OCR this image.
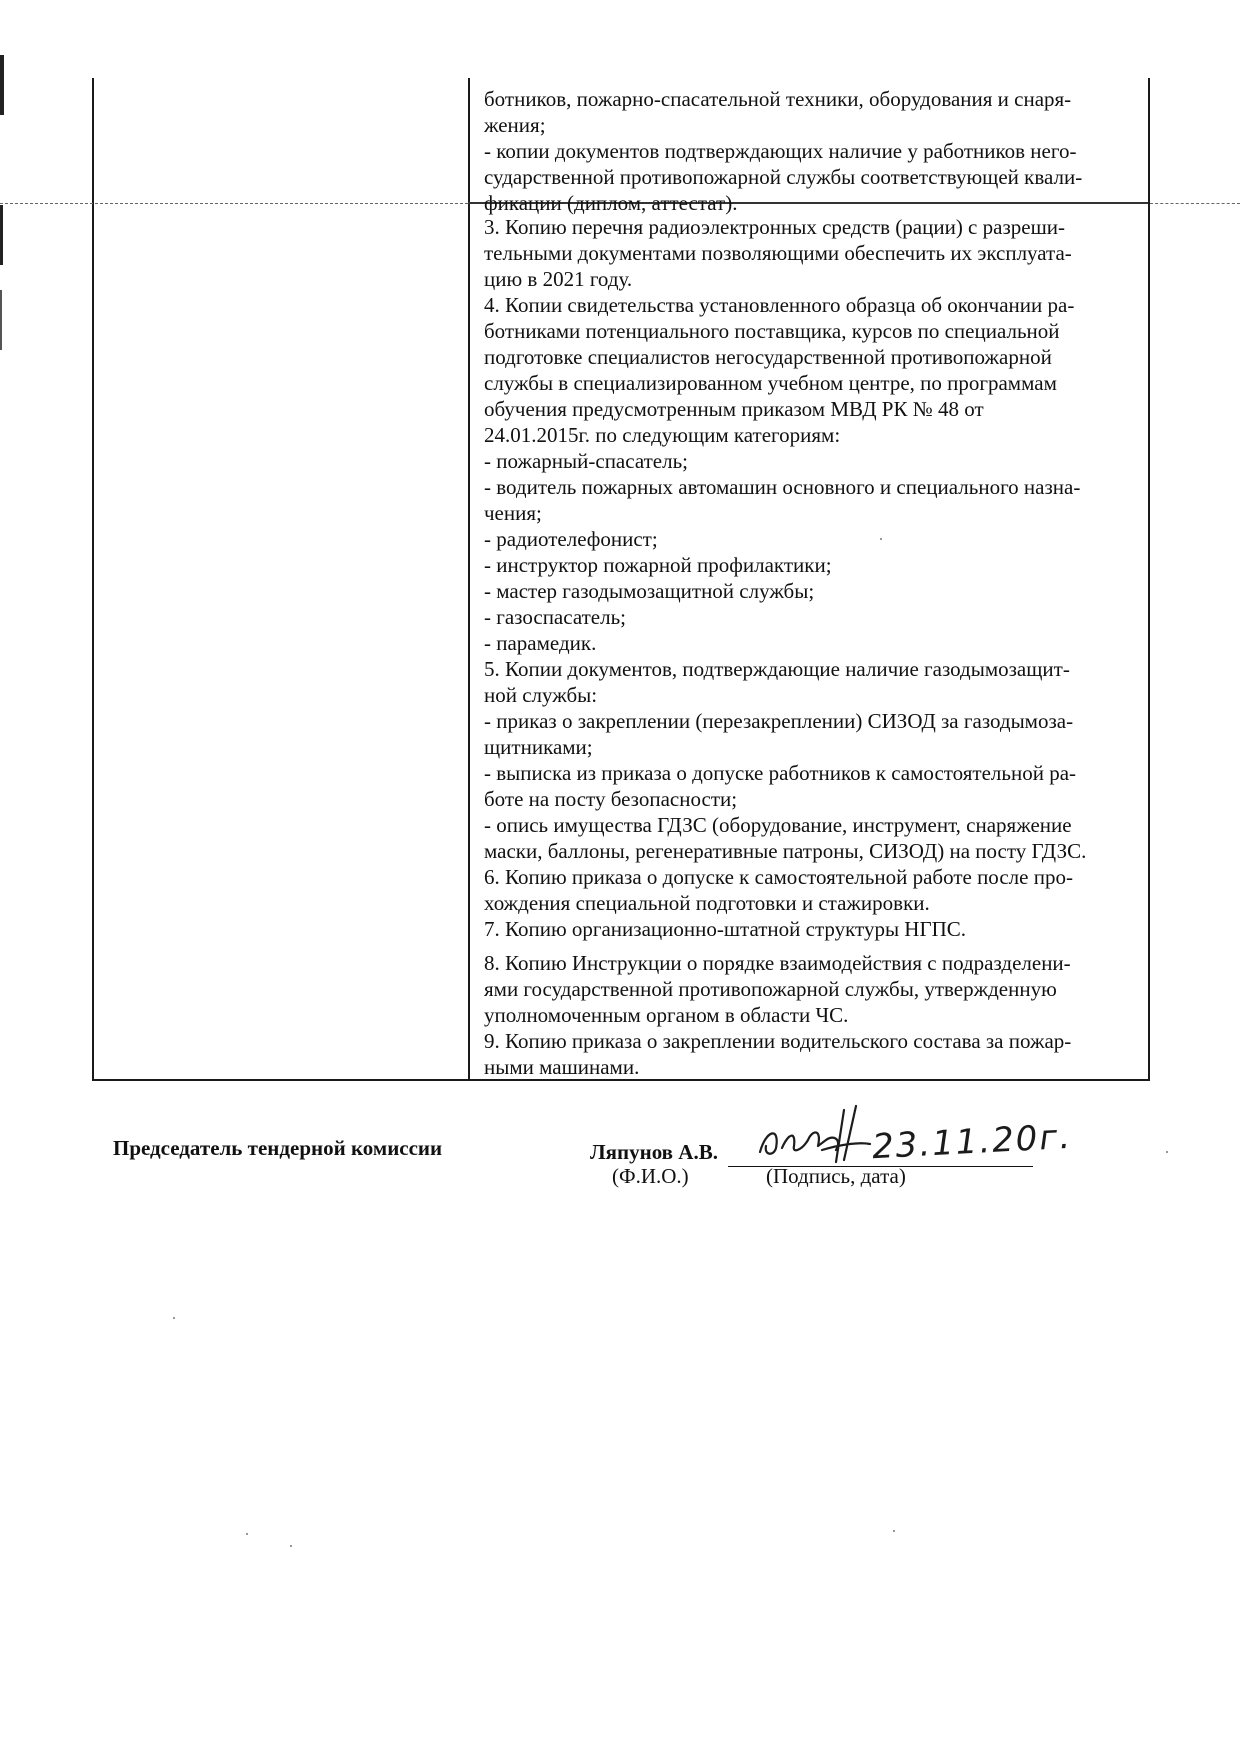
ботников, пожарно-спасательной техники, оборудования и снаря-

жения;

- копии документов подтверждающих наличие у работников него-

сударственной противопожарной службы соответствующей квали-

фикации (диплом, аттестат).

3. Копию перечня радиоэлектронных средств (рации) с разреши-

тельными документами позволяющими обеспечить их эксплуата-

цию в 2021 году.

4. Копии свидетельства установленного образца об окончании ра-

ботниками потенциального поставщика, курсов по специальной

подготовке специалистов негосударственной противопожарной

службы в специализированном учебном центре, по программам

обучения предусмотренным приказом МВД РК № 48 от

24.01.2015г. по следующим категориям:

- пожарный-спасатель;

- водитель пожарных автомашин основного и специального назна-

чения;

- радиотелефонист;

- инструктор пожарной профилактики;

- мастер газодымозащитной службы;

- газоспасатель;

- парамедик.

5. Копии документов, подтверждающие наличие газодымозащит-

ной службы:

- приказ о закреплении (перезакреплении) СИЗОД за газодымоза-

щитниками;

- выписка из приказа о допуске работников к самостоятельной ра-

боте на посту безопасности;

- опись имущества ГДЗС (оборудование, инструмент, снаряжение

маски, баллоны, регенеративные патроны, СИЗОД) на посту ГДЗС.

6. Копию приказа о допуске к самостоятельной работе после про-

хождения специальной подготовки и стажировки.

7. Копию организационно-штатной структуры НГПС.

8. Копию Инструкции о порядке взаимодействия с подразделени-

ями государственной противопожарной службы, утвержденную

уполномоченным органом в области ЧС.

9. Копию приказа о закреплении водительского состава за пожар-

ными машинами.

Председатель тендерной комиссии	Ляпунов А.В.
(Ф.И.О.)	(Подпись, дата)
23.11.20г.
